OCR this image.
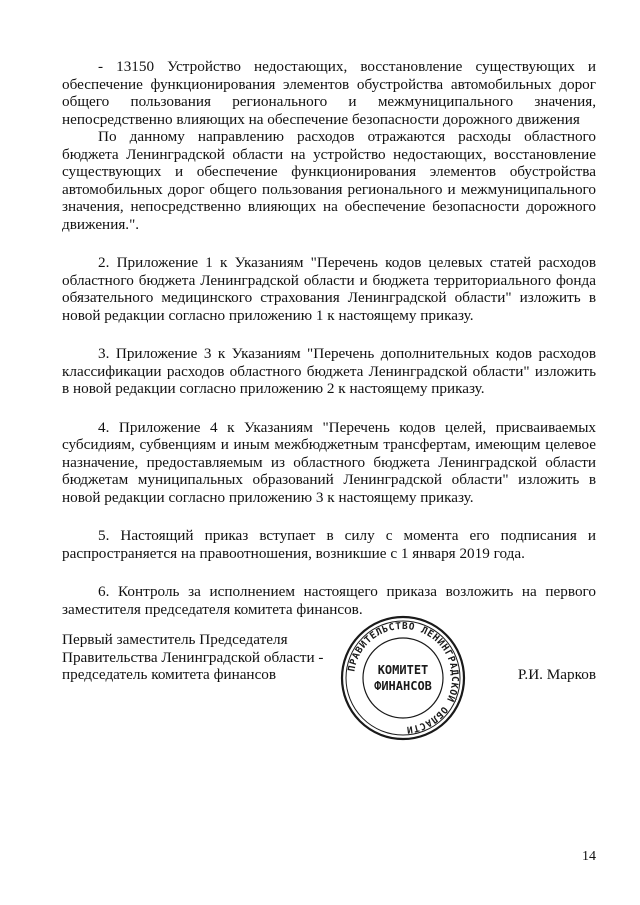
- 13150 Устройство недостающих, восстановление существующих и обеспечение функционирования элементов обустройства автомобильных дорог общего пользования регионального и межмуниципального значения, непосредственно влияющих на обеспечение безопасности дорожного движения

По данному направлению расходов отражаются расходы областного бюджета Ленинградской области на устройство недостающих, восстановление существующих и обеспечение функционирования элементов обустройства автомобильных дорог общего пользования регионального и межмуниципального значения, непосредственно влияющих на обеспечение безопасности дорожного движения.".

2. Приложение 1 к Указаниям "Перечень кодов целевых статей расходов областного бюджета Ленинградской области и бюджета территориального фонда обязательного медицинского страхования Ленинградской области" изложить в новой редакции согласно приложению 1 к настоящему приказу.

3. Приложение 3 к Указаниям "Перечень дополнительных кодов расходов классификации расходов областного бюджета Ленинградской области" изложить в новой редакции согласно приложению 2 к настоящему приказу.

4. Приложение 4 к Указаниям "Перечень кодов целей, присваиваемых субсидиям, субвенциям и иным межбюджетным трансфертам, имеющим целевое назначение, предоставляемым из областного бюджета Ленинградской области бюджетам муниципальных образований Ленинградской области" изложить в новой редакции согласно приложению 3 к настоящему приказу.

5. Настоящий приказ вступает в силу с момента его подписания и распространяется на правоотношения, возникшие с 1 января 2019 года.

6. Контроль за исполнением настоящего приказа возложить на первого заместителя председателя комитета финансов.

Первый заместитель Председателя
Правительства Ленинградской области -
председатель комитета финансов	ПРАВИТЕЛЬСТВО ЛЕНИНГРАДСКОЙ ОБЛАСТИ
КОМИТЕТ
ФИНАНСОВ
Р.И. Марков
14
